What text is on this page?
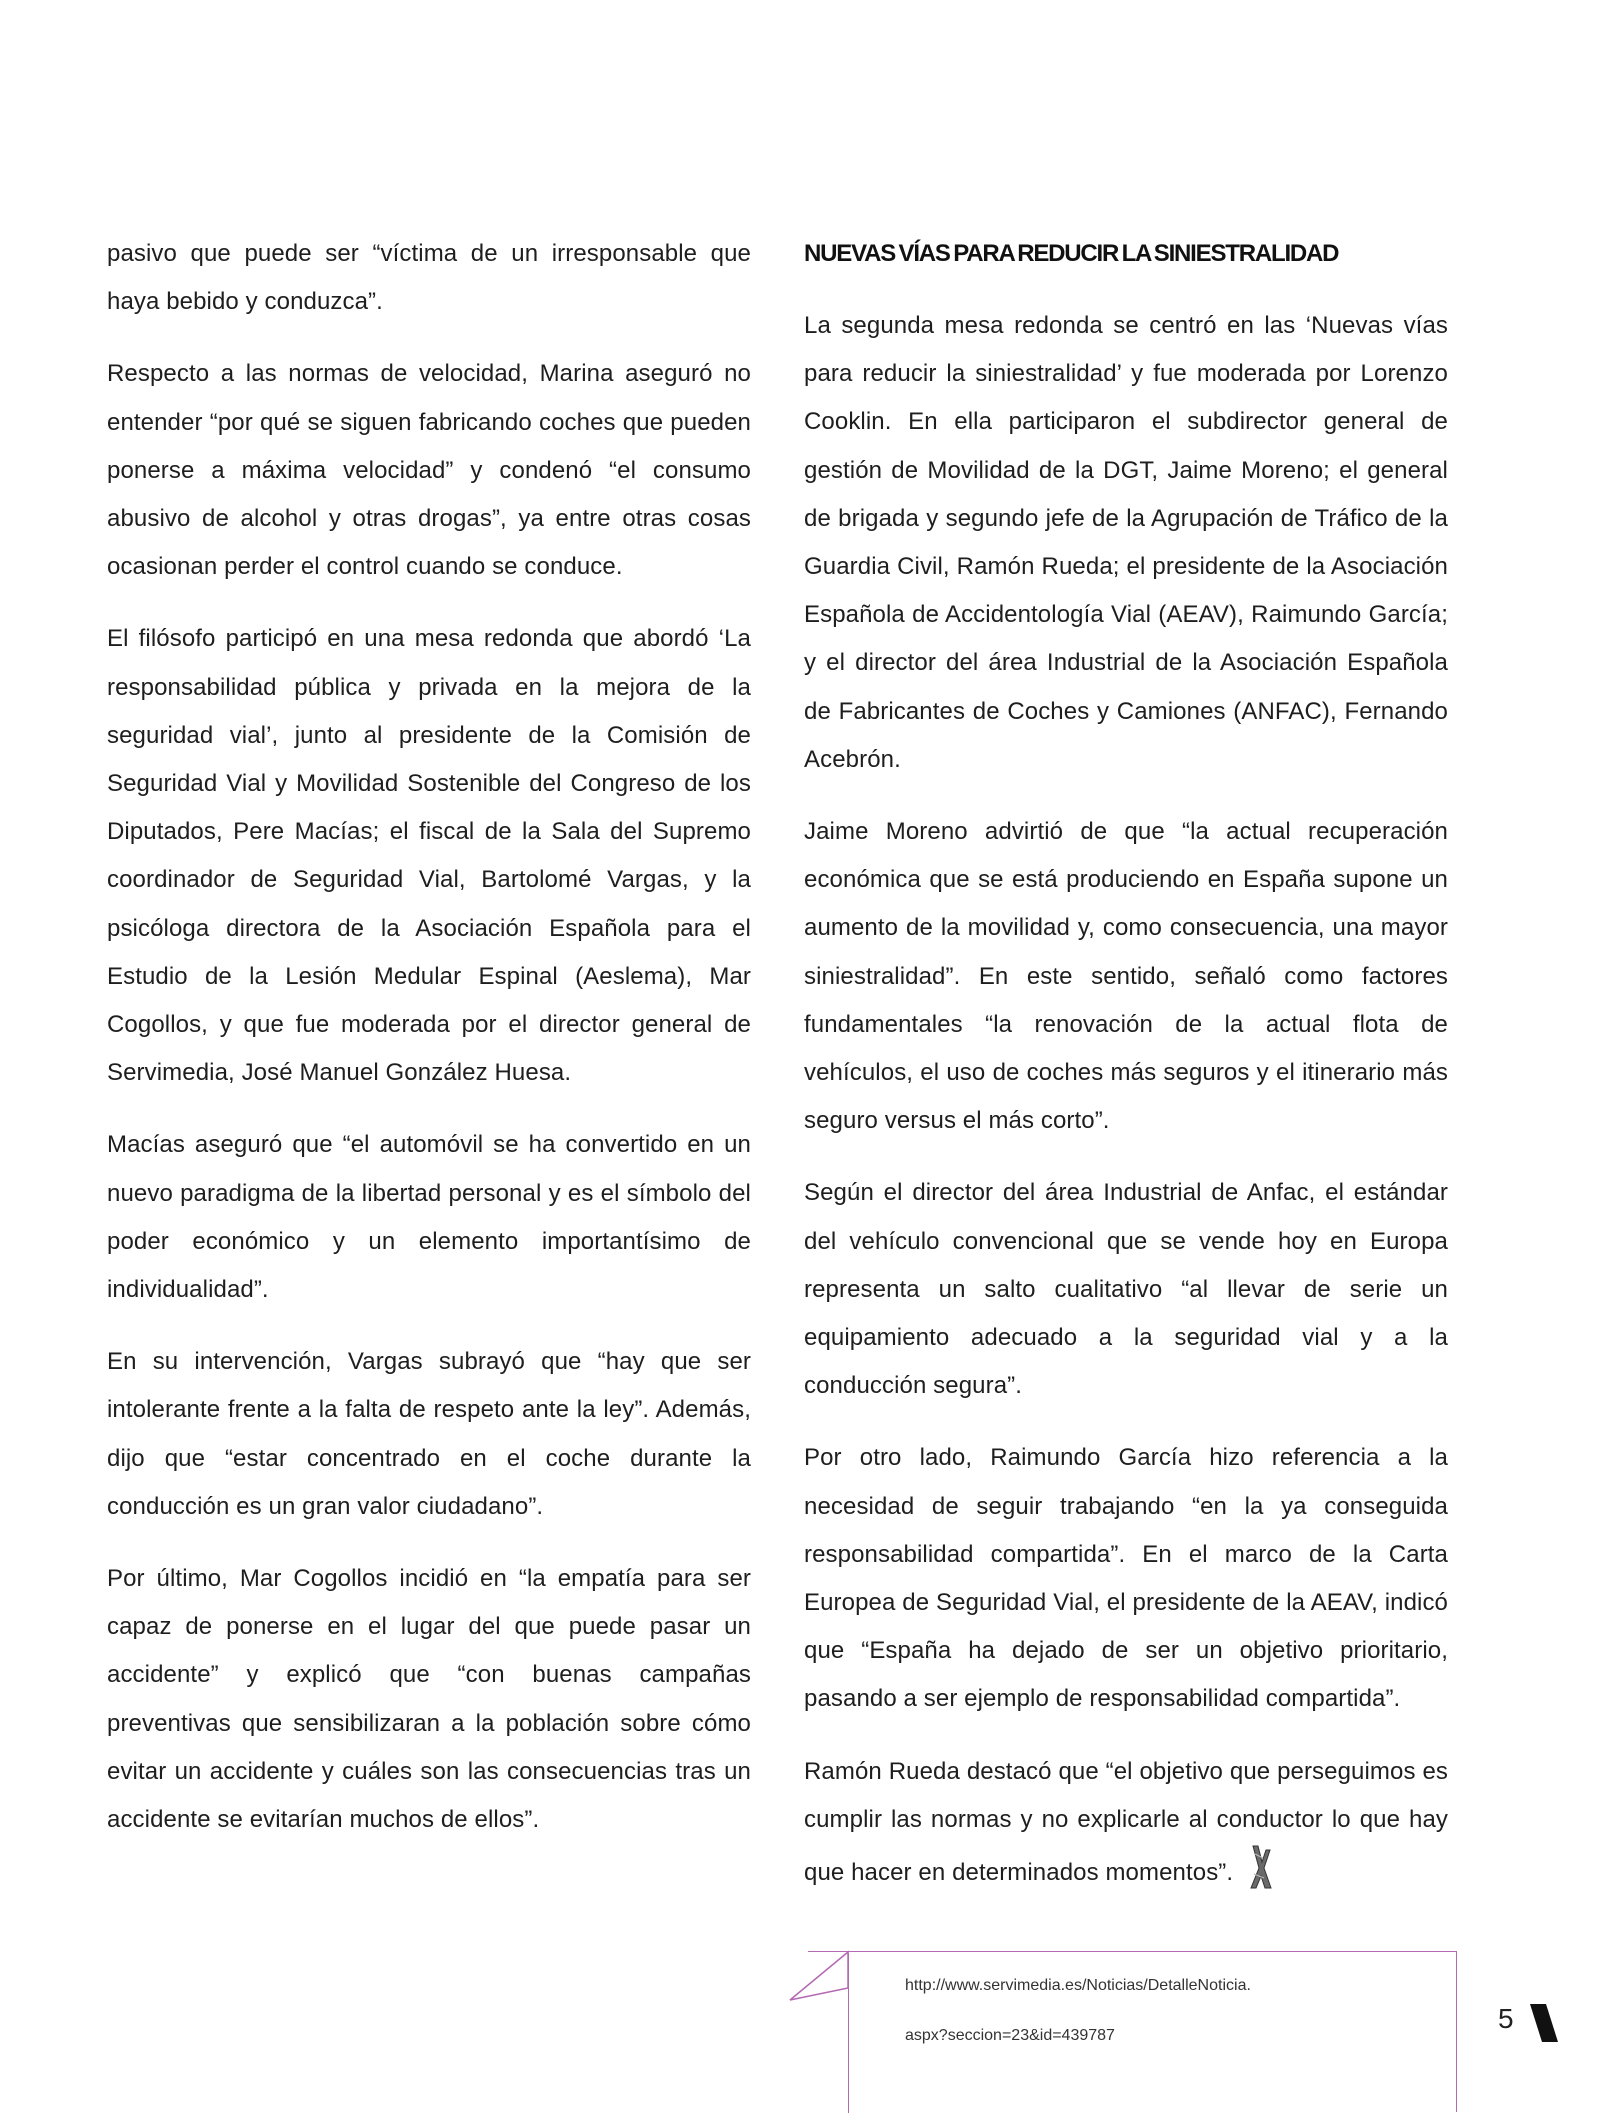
pasivo que puede ser “víctima de un irresponsable que haya bebido y conduzca”.

Respecto a las normas de velocidad, Marina aseguró no entender “por qué se siguen fabricando coches que pueden ponerse a máxima velocidad” y condenó “el consumo abusivo de alcohol y otras drogas”, ya entre otras cosas ocasionan perder el control cuando se conduce.

El filósofo participó en una mesa redonda que abordó ‘La responsabilidad pública y privada en la mejora de la seguridad vial’, junto al presidente de la Comisión de Seguridad Vial y Movilidad Sostenible del Congreso de los Diputados, Pere Macías; el fiscal de la Sala del Supremo coordinador de Seguridad Vial, Bartolomé Vargas, y la psicóloga directora de la Asociación Española para el Estudio de la Lesión Medular Espinal (Aeslema), Mar Cogollos, y que fue moderada por el director general de Servimedia, José Manuel González Huesa.

Macías aseguró que “el automóvil se ha convertido en un nuevo paradigma de la libertad personal y es el símbolo del poder económico y un elemento importantísimo de individualidad”.

En su intervención, Vargas subrayó que “hay que ser intolerante frente a la falta de respeto ante la ley”. Además, dijo que “estar concentrado en el coche durante la conducción es un gran valor ciudadano”.

Por último, Mar Cogollos incidió en “la empatía para ser capaz de ponerse en el lugar del que puede pasar un accidente” y explicó que “con buenas campañas preventivas que sensibilizaran a la población sobre cómo evitar un accidente y cuáles son las consecuencias tras un accidente se evitarían muchos de ellos”.

NUEVAS VÍAS PARA REDUCIR LA SINIESTRALIDAD

La segunda mesa redonda se centró en las ‘Nuevas vías para reducir la siniestralidad’ y fue moderada por Lorenzo Cooklin. En ella participaron el subdirector general de gestión de Movilidad de la DGT, Jaime Moreno; el general de brigada y segundo jefe de la Agrupación de Tráfico de la Guardia Civil, Ramón Rueda; el presidente de la Asociación Española de Accidentología Vial (AEAV), Raimundo García; y el director del área Industrial de la Asociación Española de Fabricantes de Coches y Camiones (ANFAC), Fernando Acebrón.

Jaime Moreno advirtió de que “la actual recuperación económica que se está produciendo en España supone un aumento de la movilidad y, como consecuencia, una mayor siniestralidad”. En este sentido, señaló como factores fundamentales “la renovación de la actual flota de vehículos, el uso de coches más seguros y el itinerario más seguro versus el más corto”.

Según el director del área Industrial de Anfac, el estándar del vehículo convencional que se vende hoy en Europa representa un salto cualitativo “al llevar de serie un equipamiento adecuado a la seguridad vial y a la conducción segura”.

Por otro lado, Raimundo García hizo referencia a la necesidad de seguir trabajando “en la ya conseguida responsabilidad compartida”. En el marco de la Carta Europea de Seguridad Vial, el presidente de la AEAV, indicó que “España ha dejado de ser un objetivo prioritario, pasando a ser ejemplo de responsabilidad compartida”.

Ramón Rueda destacó que “el objetivo que perseguimos es cumplir las normas y no explicarle al conductor lo que hay que hacer en determinados momentos”.

http://www.servimedia.es/Noticias/DetalleNoticia.
aspx?seccion=23&id=439787
5
